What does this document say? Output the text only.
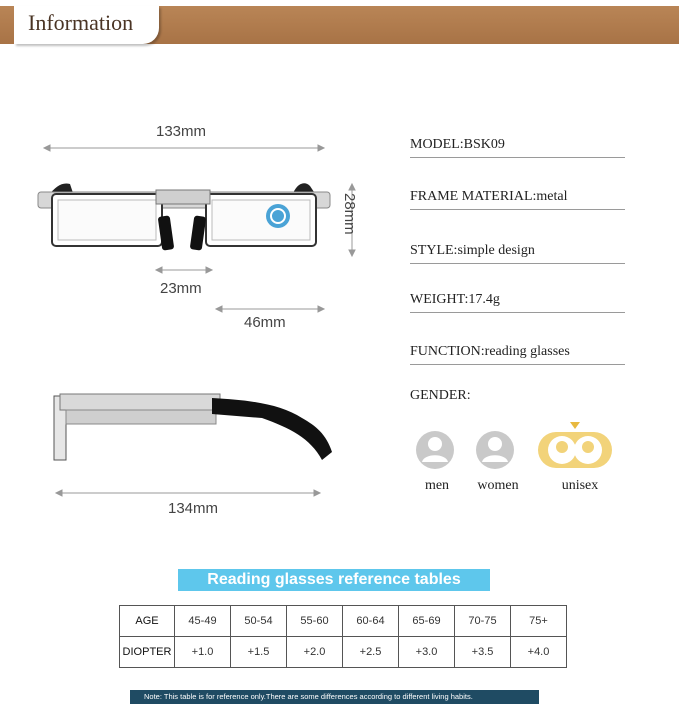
Information
133mm
28mm
23mm
46mm
134mm
MODEL:BSK09
FRAME MATERIAL:metal
STYLE:simple design
WEIGHT:17.4g
FUNCTION:reading glasses
GENDER:
men	women	unisex
Reading glasses reference tables
AGE	45-49	50-54	55-60	60-64	65-69	70-75	75+
DIOPTER	+1.0	+1.5	+2.0	+2.5	+3.0	+3.5	+4.0
Note: This table is for reference only.There are some differences according to different living habits.
